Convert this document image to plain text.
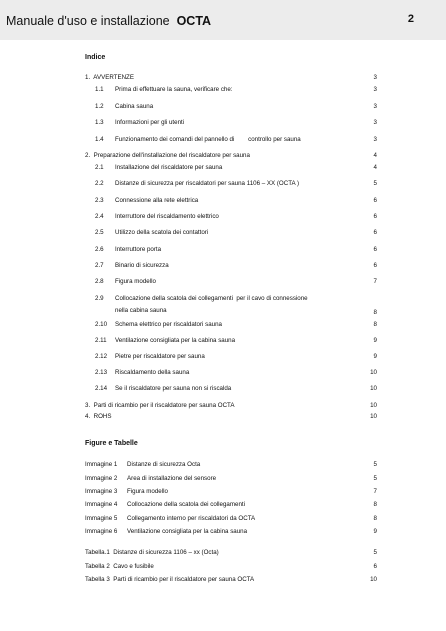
Manuale d'uso e installazione OCTA	2
Indice
1. AVVERTENZE	3
1.1 Prima di effettuare la sauna, verificare che:	3
1.2 Cabina sauna	3
1.3 Informazioni per gli utenti	3
1.4 Funzionamento dei comandi del pannello di        controllo per sauna	3
2. Preparazione dell'installazione del riscaldatore per sauna	4
2.1 Installazione del riscaldatore per sauna	4
2.2 Distanze di sicurezza per riscaldatori per sauna 1106 – XX (OCTA )	5
2.3 Connessione alla rete elettrica	6
2.4 Interruttore del riscaldamento elettrico	6
2.5 Utilizzo della scatola dei contattori	6
2.6 Interruttore porta	6
2.7 Binario di sicurezza	6
2.8 Figura modello	7
2.9 Collocazione della scatola dei collegamenti  per il cavo di connessione
nella cabina sauna	8
2.10 Schema elettrico per riscaldatori sauna	8
2.11 Ventilazione consigliata per la cabina sauna	9
2.12 Pietre per riscaldatore per sauna	9
2.13 Riscaldamento della sauna	10
2.14 Se il riscaldatore per sauna non si riscalda	10
3. Parti di ricambio per il riscaldatore per sauna OCTA	10
4. ROHS	10
Figure e Tabelle
Immagine 1 Distanze di sicurezza Octa	5
Immagine 2 Area di installazione del sensore	5
Immagine 3 Figura modello	7
Immagine 4 Collocazione della scatola dei collegamenti	8
Immagine 5 Collegamento interno per riscaldatori da OCTA	8
Immagine 6 Ventilazione consigliata per la cabina sauna	9
Tabella.1 Distanze di sicurezza 1106 – xx (Octa)	5
Tabella 2 Cavo e fusibile	6
Tabella 3 Parti di ricambio per il riscaldatore per sauna OCTA	10
